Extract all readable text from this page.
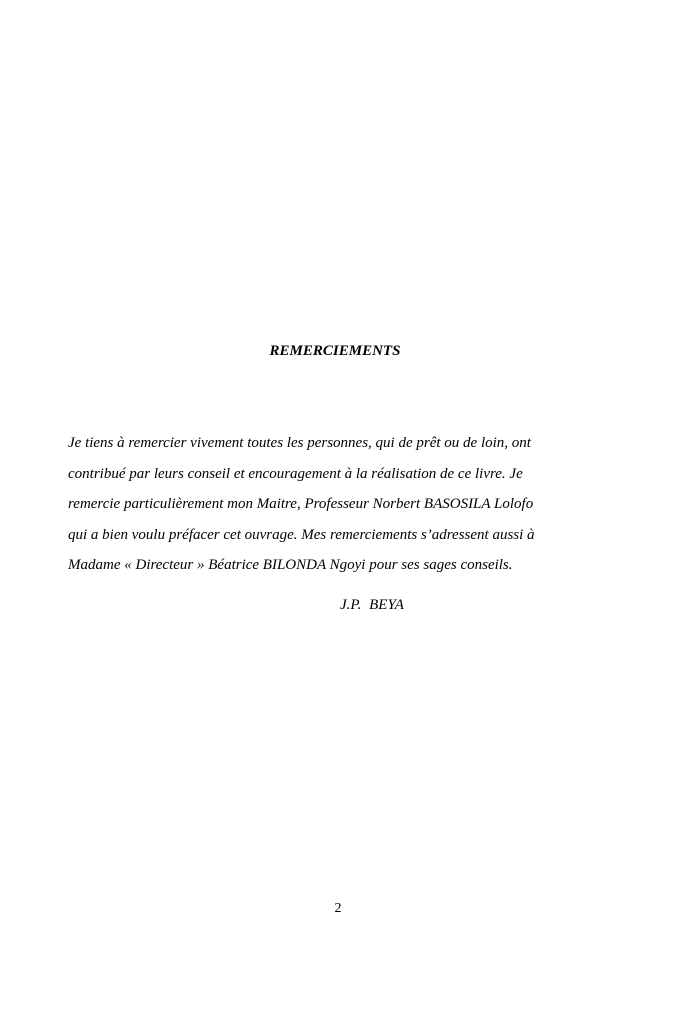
REMERCIEMENTS

Je tiens à remercier vivement toutes les personnes, qui de prêt ou de loin, ont
contribué par leurs conseil et encouragement à la réalisation de ce livre. Je
remercie particulièrement mon Maitre, Professeur Norbert BASOSILA Lolofo
qui a bien voulu préfacer cet ouvrage. Mes remerciements s’adressent aussi à
Madame « Directeur » Béatrice BILONDA Ngoyi pour ses sages conseils.

J.P. BEYA
2
